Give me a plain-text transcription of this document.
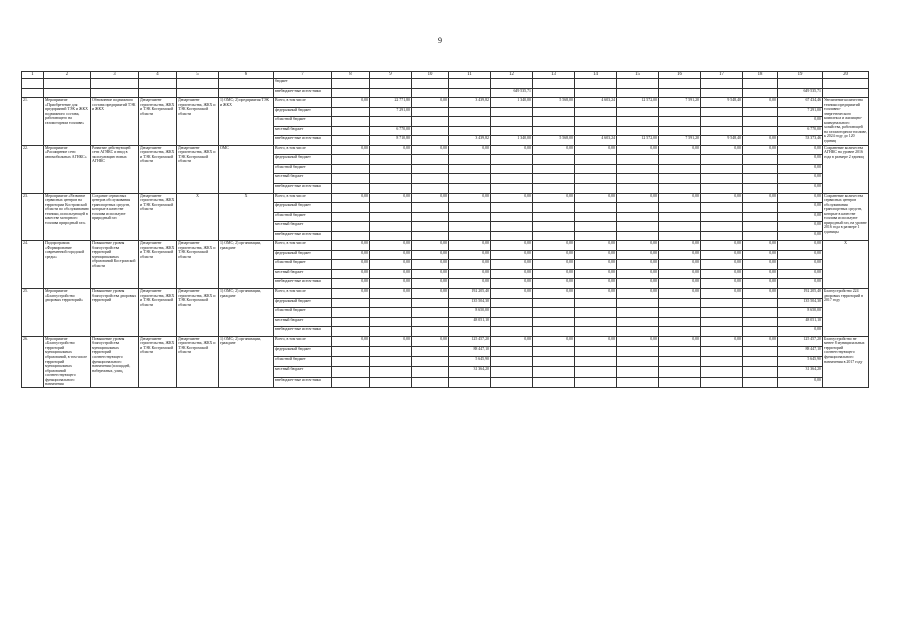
9
1	2	3	4	5	6	7	8	9	10	11	12	13	14	15	16	17	18	19	20
						бюджет													
						внебюджет-ные источ-ники					649 535,71							649 535,71	
21.	Мероприятие «Приобретение для предприятий ТЭК и ЖКХ подвижного состава, работающего на газомоторном топливе»	Обновление подвижного состава предприятий ТЭК и ЖКХ	Департамент строительства, ЖКХ и ТЭК Костромской области	Департамент строительства, ЖКХ и ТЭК Костромской области	1) ОМС; 2) предприятия ТЭК и ЖКХ	Всего, в том числе	0,00	22 771,80	0,00	3 439,82	1 340,00	5 568,00	4 603,24	12 572,00	7 591,20	9 548,40	0,00	67 434,46	Увеличение количества техники предприятий топливно-энергетического комплекса и жилищно-коммунального хозяйства, работающей на газомоторном топливе, к 2024 году до 120 единиц
						федеральный бюджет		7 291,00										7 291,00	
						областной бюджет												0,00	
						местный бюджет		6 770,00										6 770,00	
						внебюджет-ные источ-ники		8 710,80		3 439,82	1 340,00	5 568,00	4 603,24	12 572,00	7 591,20	9 548,40	0,00	53 373,46	
22.	Мероприятие «Расширение сети автомобильных АГНКС»	Развитие действующей сети АГНКС и ввод в эксплуатацию новых АГНКС	Департамент строительства, ЖКХ и ТЭК Костромской области	Департамент строительства, ЖКХ и ТЭК Костромской области	ОМС	Всего, в том числе	0,00	0,00	0,00	0,00	0,00	0,00	0,00	0,00	0,00	0,00	0,00	0,00	Сохранение количества АГНКС на уровне 2016 года в размере 2 единиц
						федеральный бюджет												0,00	
						областной бюджет												0,00	
						местный бюджет												0,00	
						внебюджет-ные источ-ники												0,00	
23.	Мероприятие «Развитие сервисных центров на территории Костромской области по обслуживанию техники, использующей в качестве моторного топлива природный газ»	Создание сервисных центров обслуживания транспортных средств, которые в качестве топлива используют природный газ	Департамент строительства, ЖКХ и ТЭК Костромской области	X	X	Всего, в том числе	0,00	0,00	0,00	0,00	0,00	0,00	0,00	0,00	0,00	0,00	0,00	0,00	Сохранение количества сервисных центров обслуживания транспортных средств, которые в качестве топлива используют природный газ, на уровне 2016 года в размере 1 единицы
						федеральный бюджет												0,00	
						областной бюджет												0,00	
						местный бюджет												0,00	
						внебюджет-ные источ-ники												0,00	
24.	Подпрограмма «Формирование современной городской среды»	Повышение уровня благоустройства территорий муниципальных образований Костромской области	Департамент строительства, ЖКХ и ТЭК Костромской области	Департамент строительства, ЖКХ и ТЭК Костромской области	1) ОМС; 2) организации, граждане	Всего, в том числе	0,00	0,00	0,00	0,00	0,00	0,00	0,00	0,00	0,00	0,00	0,00	0,00	X
						федеральный бюджет	0,00	0,00	0,00	0,00	0,00	0,00	0,00	0,00	0,00	0,00	0,00	0,00	
						областной бюджет	0,00	0,00	0,00	0,00	0,00	0,00	0,00	0,00	0,00	0,00	0,00	0,00	
						местный бюджет	0,00	0,00	0,00	0,00	0,00	0,00	0,00	0,00	0,00	0,00	0,00	0,00	
						внебюджет-ные источ-ники	0,00	0,00	0,00	0,00	0,00	0,00	0,00	0,00	0,00	0,00	0,00	0,00	
25.	Мероприятие «Благоустройство дворовых территорий»	Повышение уровня благоустройства дворовых территорий	Департамент строительства, ЖКХ и ТЭК Костромской области	Департамент строительства, ЖКХ и ТЭК Костромской области	1) ОМС; 2) организации, граждане	Всего, в том числе	0,00	0,00	0,00	192 205,40	0,00	0,00	0,00	0,00	0,00	0,00	0,00	192 205,40	Благоустройство 224 дворовых территорий в 2017 году
						федеральный бюджет				135 504,30								135 504,30	
						областной бюджет				8 650,00								8 650,00	
						местный бюджет				48 051,10								48 051,10	
						внебюджет-ные источ-ники												0,00	
26.	Мероприятие «Благоустройство территорий муниципальных образований, в том числе территорий муниципальных образований соответствующего функционального назначения	Повышение уровня благоустройства муниципальных территорий соответствующего функционального назначения (площадей, набережных, улиц,	Департамент строительства, ЖКХ и ТЭК Костромской области	Департамент строительства, ЖКХ и ТЭК Костромской области	1) ОМС; 2) организации, граждане	Всего, в том числе	0,00	0,00	0,00	125 457,20	0,00	0,00	0,00	0,00	0,00	0,00	0,00	125 457,20	Благоустройство не менее 8 муниципальных территорий соответствующего функционального назначения в 2017 году
						федеральный бюджет				88 447,10								88 447,10	
						областной бюджет				5 645,90								5 645,90	
						местный бюджет				31 364,20								31 364,20	
						внебюджет-ные источ-ники												0,00	
